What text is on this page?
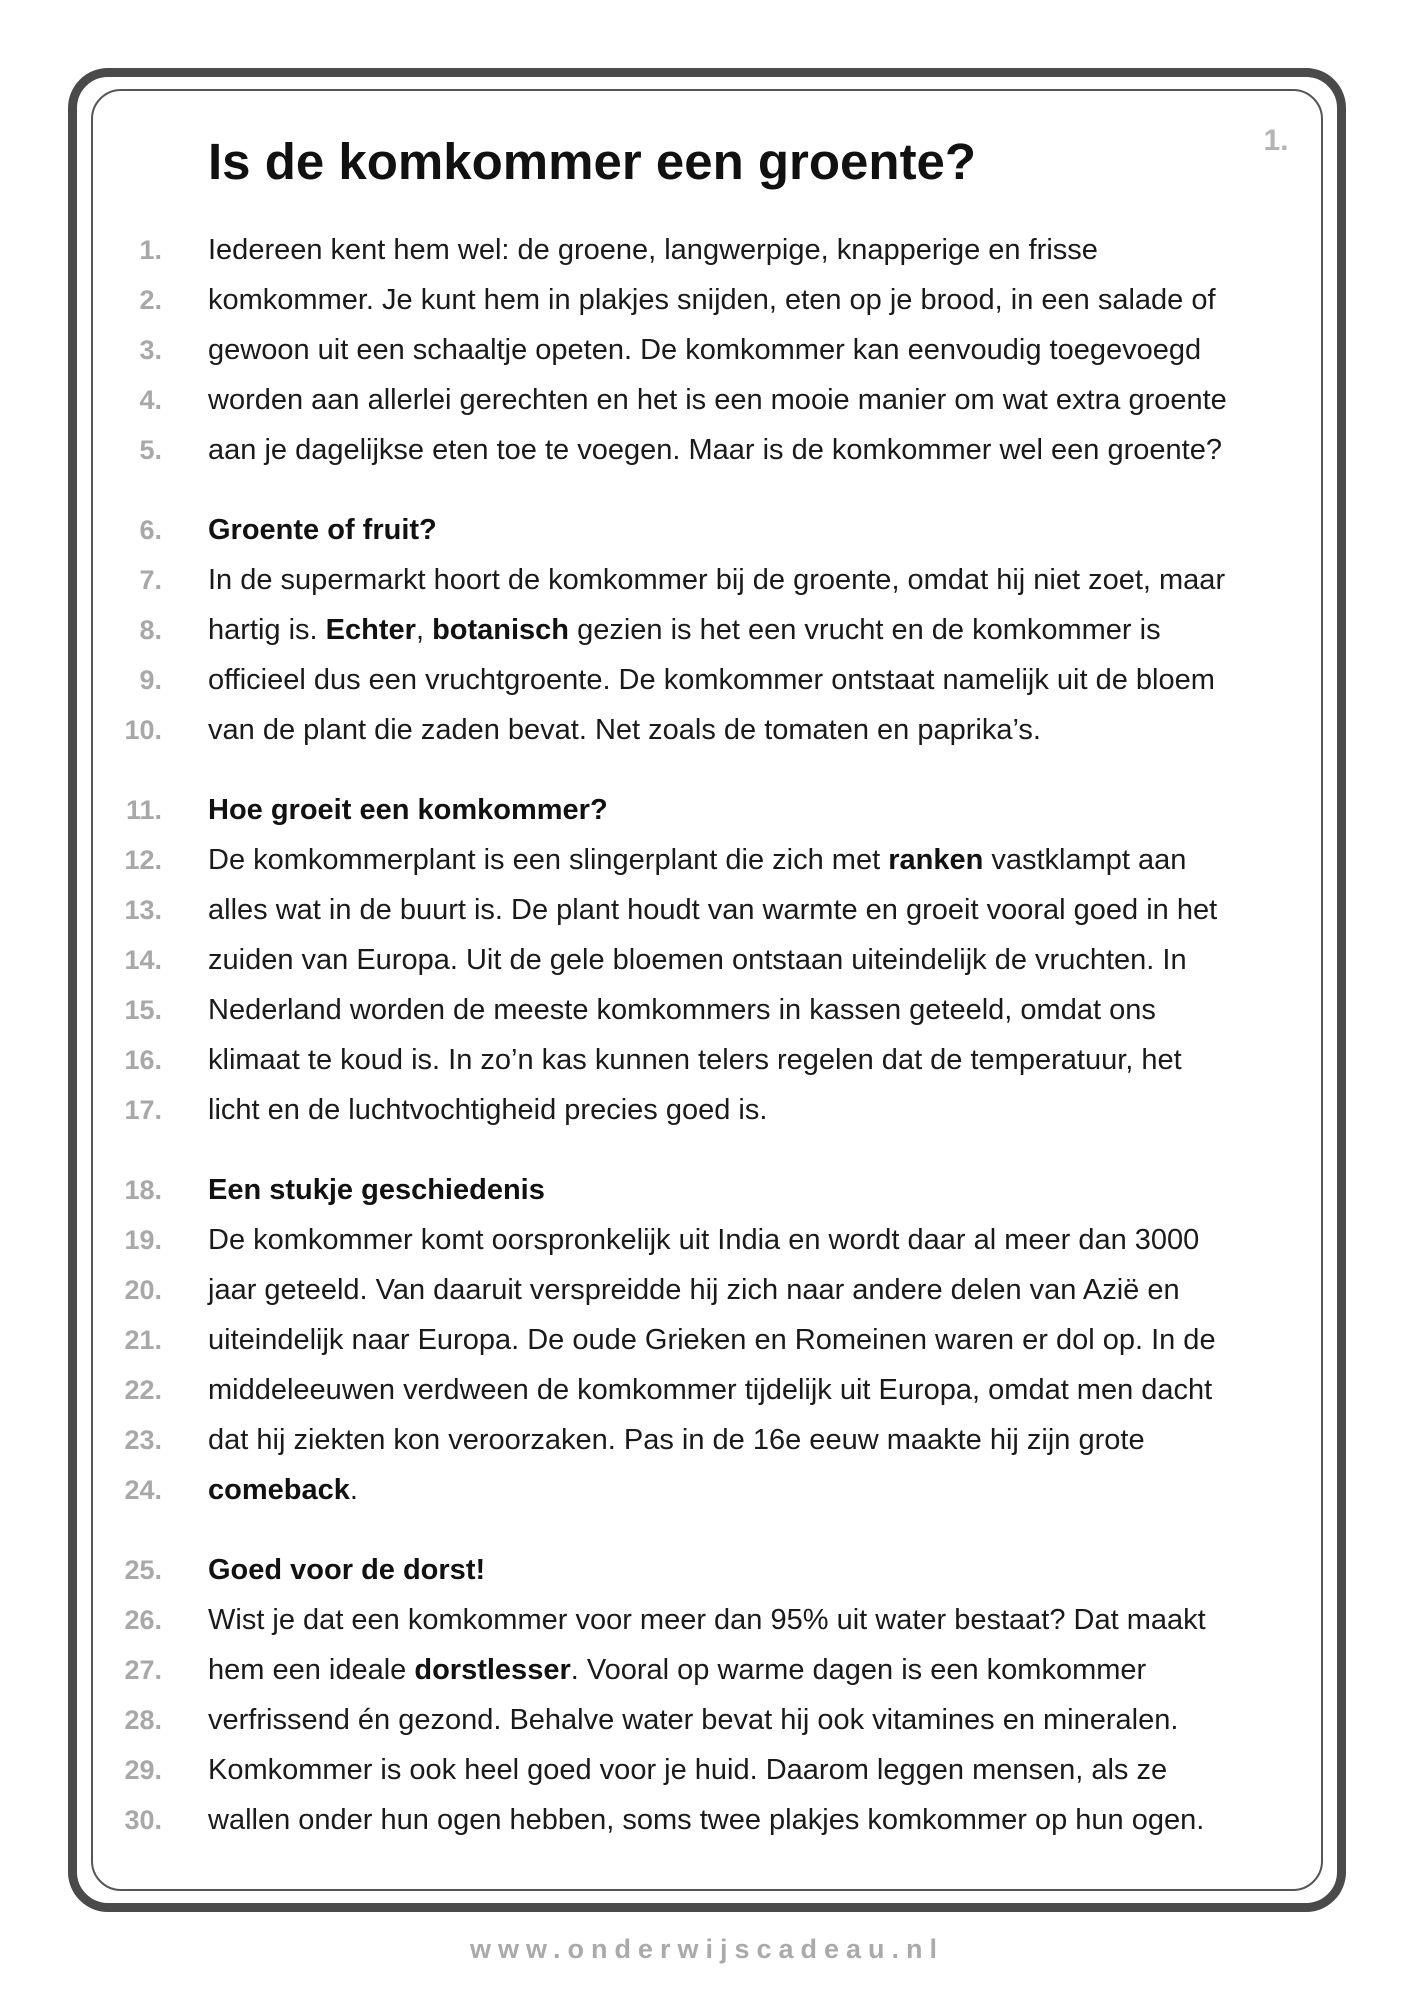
1.
Is de komkommer een groente?
1. Iedereen kent hem wel: de groene, langwerpige, knapperige en frisse
2. komkommer. Je kunt hem in plakjes snijden, eten op je brood, in een salade of
3. gewoon uit een schaaltje opeten. De komkommer kan eenvoudig toegevoegd
4. worden aan allerlei gerechten en het is een mooie manier om wat extra groente
5. aan je dagelijkse eten toe te voegen. Maar is de komkommer wel een groente?
6. Groente of fruit?
7. In de supermarkt hoort de komkommer bij de groente, omdat hij niet zoet, maar
8. hartig is. Echter, botanisch gezien is het een vrucht en de komkommer is
9. officieel dus een vruchtgroente. De komkommer ontstaat namelijk uit de bloem
10. van de plant die zaden bevat. Net zoals de tomaten en paprika’s.
11. Hoe groeit een komkommer?
12. De komkommerplant is een slingerplant die zich met ranken vastklampt aan
13. alles wat in de buurt is. De plant houdt van warmte en groeit vooral goed in het
14. zuiden van Europa. Uit de gele bloemen ontstaan uiteindelijk de vruchten. In
15. Nederland worden de meeste komkommers in kassen geteeld, omdat ons
16. klimaat te koud is. In zo’n kas kunnen telers regelen dat de temperatuur, het
17. licht en de luchtvochtigheid precies goed is.
18. Een stukje geschiedenis
19. De komkommer komt oorspronkelijk uit India en wordt daar al meer dan 3000
20. jaar geteeld. Van daaruit verspreidde hij zich naar andere delen van Azië en
21. uiteindelijk naar Europa. De oude Grieken en Romeinen waren er dol op. In de
22. middeleeuwen verdween de komkommer tijdelijk uit Europa, omdat men dacht
23. dat hij ziekten kon veroorzaken. Pas in de 16e eeuw maakte hij zijn grote
24. comeback.
25. Goed voor de dorst!
26. Wist je dat een komkommer voor meer dan 95% uit water bestaat? Dat maakt
27. hem een ideale dorstlesser. Vooral op warme dagen is een komkommer
28. verfrissend én gezond. Behalve water bevat hij ook vitamines en mineralen.
29. Komkommer is ook heel goed voor je huid. Daarom leggen mensen, als ze
30. wallen onder hun ogen hebben, soms twee plakjes komkommer op hun ogen.
www.onderwijscadeau.nl
